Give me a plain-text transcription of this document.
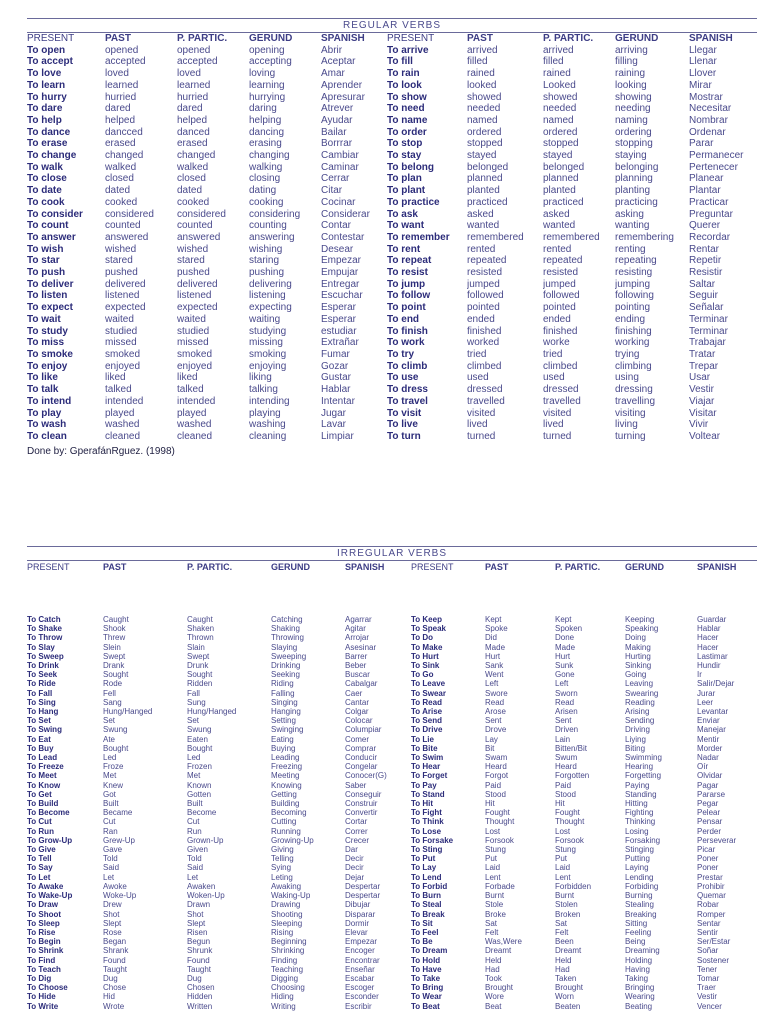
REGULAR VERBS
PRESENT	PAST	P. PARTIC.	GERUND	SPANISH	PRESENT	PAST	P. PARTIC.	GERUND	SPANISH
To open	opened	opened	opening	Abrir	To arrive	arrived	arrived	arriving	Llegar
To accept	accepted	accepted	accepting	Aceptar	To fill	filled	filled	filling	Llenar
To love	loved	loved	loving	Amar	To rain	rained	rained	raining	Llover
To learn	learned	learned	learning	Aprender	To look	looked	Looked	looking	Mirar
To hurry	hurried	hurried	hurrying	Apresurar	To show	showed	showed	showing	Mostrar
To dare	dared	dared	daring	Atrever	To need	needed	needed	needing	Necesitar
To help	helped	helped	helping	Ayudar	To name	named	named	naming	Nombrar
To dance	dancced	danced	dancing	Bailar	To order	ordered	ordered	ordering	Ordenar
To erase	erased	erased	erasing	Borrrar	To stop	stopped	stopped	stopping	Parar
To change	changed	changed	changing	Cambiar	To stay	stayed	stayed	staying	Permanecer
To walk	walked	walked	walking	Caminar	To belong	belonged	belonged	belonging	Pertenecer
To close	closed	closed	closing	Cerrar	To plan	planned	planned	planning	Planear
To date	dated	dated	dating	Citar	To plant	planted	planted	planting	Plantar
To cook	cooked	cooked	cooking	Cocinar	To practice	practiced	practiced	practicing	Practicar
To consider	considered	considered	considering	Considerar	To ask	asked	asked	asking	Preguntar
To count	counted	counted	counting	Contar	To want	wanted	wanted	wanting	Querer
To answer	answered	answered	answering	Contestar	To remember	remembered	remembered	remembering	Recordar
To wish	wished	wished	wishing	Desear	To rent	rented	rented	renting	Rentar
To star	stared	stared	staring	Empezar	To repeat	repeated	repeated	repeating	Repetir
To push	pushed	pushed	pushing	Empujar	To resist	resisted	resisted	resisting	Resistir
To deliver	delivered	delivered	delivering	Entregar	To jump	jumped	jumped	jumping	Saltar
To listen	listened	listened	listening	Escuchar	To follow	followed	followed	following	Seguir
To expect	expected	expected	expecting	Esperar	To point	pointed	pointed	pointing	Señalar
To wait	waited	waited	waiting	Esperar	To end	ended	ended	ending	Terminar
To study	studied	studied	studying	estudiar	To finish	finished	finished	finishing	Terminar
To miss	missed	missed	missing	Extrañar	To work	worked	worke	working	Trabajar
To smoke	smoked	smoked	smoking	Fumar	To try	tried	tried	trying	Tratar
To enjoy	enjoyed	enjoyed	enjoying	Gozar	To climb	climbed	climbed	climbing	Trepar
To like	liked	liked	liking	Gustar	To use	used	used	using	Usar
To talk	talked	talked	talking	Hablar	To dress	dressed	dressed	dressing	Vestir
To intend	intended	intended	intending	Intentar	To travel	travelled	travelled	travelling	Viajar
To play	played	played	playing	Jugar	To visit	visited	visited	visiting	Visitar
To wash	washed	washed	washing	Lavar	To live	lived	lived	living	Vivir
To clean	cleaned	cleaned	cleaning	Limpiar	To turn	turned	turned	turning	Voltear
Done by: GperafánRguez. (1998)
IRREGULAR VERBS
PRESENT	PAST	P. PARTIC.	GERUND	SPANISH	PRESENT	PAST	P. PARTIC.	GERUND	SPANISH
To Catch	Caught	Caught	Catching	Agarrar	To Keep	Kept	Kept	Keeping	Guardar
To Shake	Shook	Shaken	Shaking	Agitar	To Speak	Spoke	Spoken	Speaking	Hablar
To Throw	Threw	Thrown	Throwing	Arrojar	To Do	Did	Done	Doing	Hacer
To Slay	Slein	Slain	Slaying	Asesinar	To Make	Made	Made	Making	Hacer
To Sweep	Swept	Swept	Sweeping	Barrer	To Hurt	Hurt	Hurt	Hurting	Lastimar
To Drink	Drank	Drunk	Drinking	Beber	To Sink	Sank	Sunk	Sinking	Hundir
To Seek	Sought	Sought	Seeking	Buscar	To Go	Went	Gone	Going	Ir
To Ride	Rode	Ridden	Riding	Cabalgar	To Leave	Left	Left	Leaving	Salir/Dejar
To Fall	Fell	Fall	Falling	Caer	To Swear	Swore	Sworn	Swearing	Jurar
To Sing	Sang	Sung	Singing	Cantar	To Read	Read	Read	Reading	Leer
To Hang	Hung/Hanged	Hung/Hanged	Hanging	Colgar	To Arise	Arose	Arisen	Arising	Levantar
To Set	Set	Set	Setting	Colocar	To Send	Sent	Sent	Sending	Enviar
To Swing	Swung	Swung	Swinging	Columpiar	To Drive	Drove	Driven	Driving	Manejar
To Eat	Ate	Eaten	Eating	Comer	To Lie	Lay	Lain	Liying	Mentir
To Buy	Bought	Bought	Buying	Comprar	To Bite	Bit	Bitten/Bit	Biting	Morder
To Lead	Led	Led	Leading	Conducir	To Swim	Swam	Swum	Swimming	Nadar
To Freeze	Froze	Frozen	Freezing	Congelar	To Hear	Heard	Heard	Hearing	Oír
To Meet	Met	Met	Meeting	Conocer(G)	To Forget	Forgot	Forgotten	Forgetting	Olvidar
To Know	Knew	Known	Knowing	Saber	To Pay	Paid	Paid	Paying	Pagar
To Get	Got	Gotten	Getting	Conseguir	To Stand	Stood	Stood	Standing	Pararse
To Build	Built	Built	Building	Construir	To Hit	Hit	Hit	Hitting	Pegar
To Become	Became	Become	Becoming	Convertir	To Fight	Fought	Fought	Fighting	Pelear
To Cut	Cut	Cut	Cutting	Cortar	To Think	Thought	Thought	Thinking	Pensar
To Run	Ran	Run	Running	Correr	To Lose	Lost	Lost	Losing	Perder
To Grow-Up	Grew-Up	Grown-Up	Growing-Up	Crecer	To Forsake	Forsook	Forsook	Forsaking	Perseverar
To Give	Gave	Given	Giving	Dar	To Sting	Stung	Stung	Stinging	Picar
To Tell	Told	Told	Telling	Decir	To Put	Put	Put	Putting	Poner
To Say	Said	Said	Sying	Decir	To Lay	Laid	Laid	Laying	Poner
To Let	Let	Let	Leting	Dejar	To Lend	Lent	Lent	Lending	Prestar
To Awake	Awoke	Awaken	Awaking	Despertar	To Forbid	Forbade	Forbidden	Forbiding	Prohibir
To Wake-Up	Woke-Up	Woken-Up	Waking-Up	Despertar	To Burn	Burnt	Burnt	Burning	Quemar
To Draw	Drew	Drawn	Drawing	Dibujar	To Steal	Stole	Stolen	Stealing	Robar
To Shoot	Shot	Shot	Shooting	Disparar	To Break	Broke	Broken	Breaking	Romper
To Sleep	Slept	Slept	Sleeping	Dormir	To Sit	Sat	Sat	Sitting	Sentar
To Rise	Rose	Risen	Rising	Elevar	To Feel	Felt	Felt	Feeling	Sentir
To Begin	Began	Begun	Beginning	Empezar	To Be	Was,Were	Been	Being	Ser/Estar
To Shrink	Shrank	Shrunk	Shrinking	Encoger	To Dream	Dreamt	Dreamt	Dreaming	Soñar
To Find	Found	Found	Finding	Encontrar	To Hold	Held	Held	Holding	Sostener
To Teach	Taught	Taught	Teaching	Enseñar	To Have	Had	Had	Having	Tener
To Dig	Dug	Dug	Digging	Escabar	To Take	Took	Taken	Taking	Tomar
To Choose	Chose	Chosen	Choosing	Escoger	To Bring	Brought	Brought	Bringing	Traer
To Hide	Hid	Hidden	Hiding	Esconder	To Wear	Wore	Worn	Wearing	Vestir
To Write	Wrote	Written	Writing	Escribir	To Beat	Beat	Beaten	Beating	Vencer
